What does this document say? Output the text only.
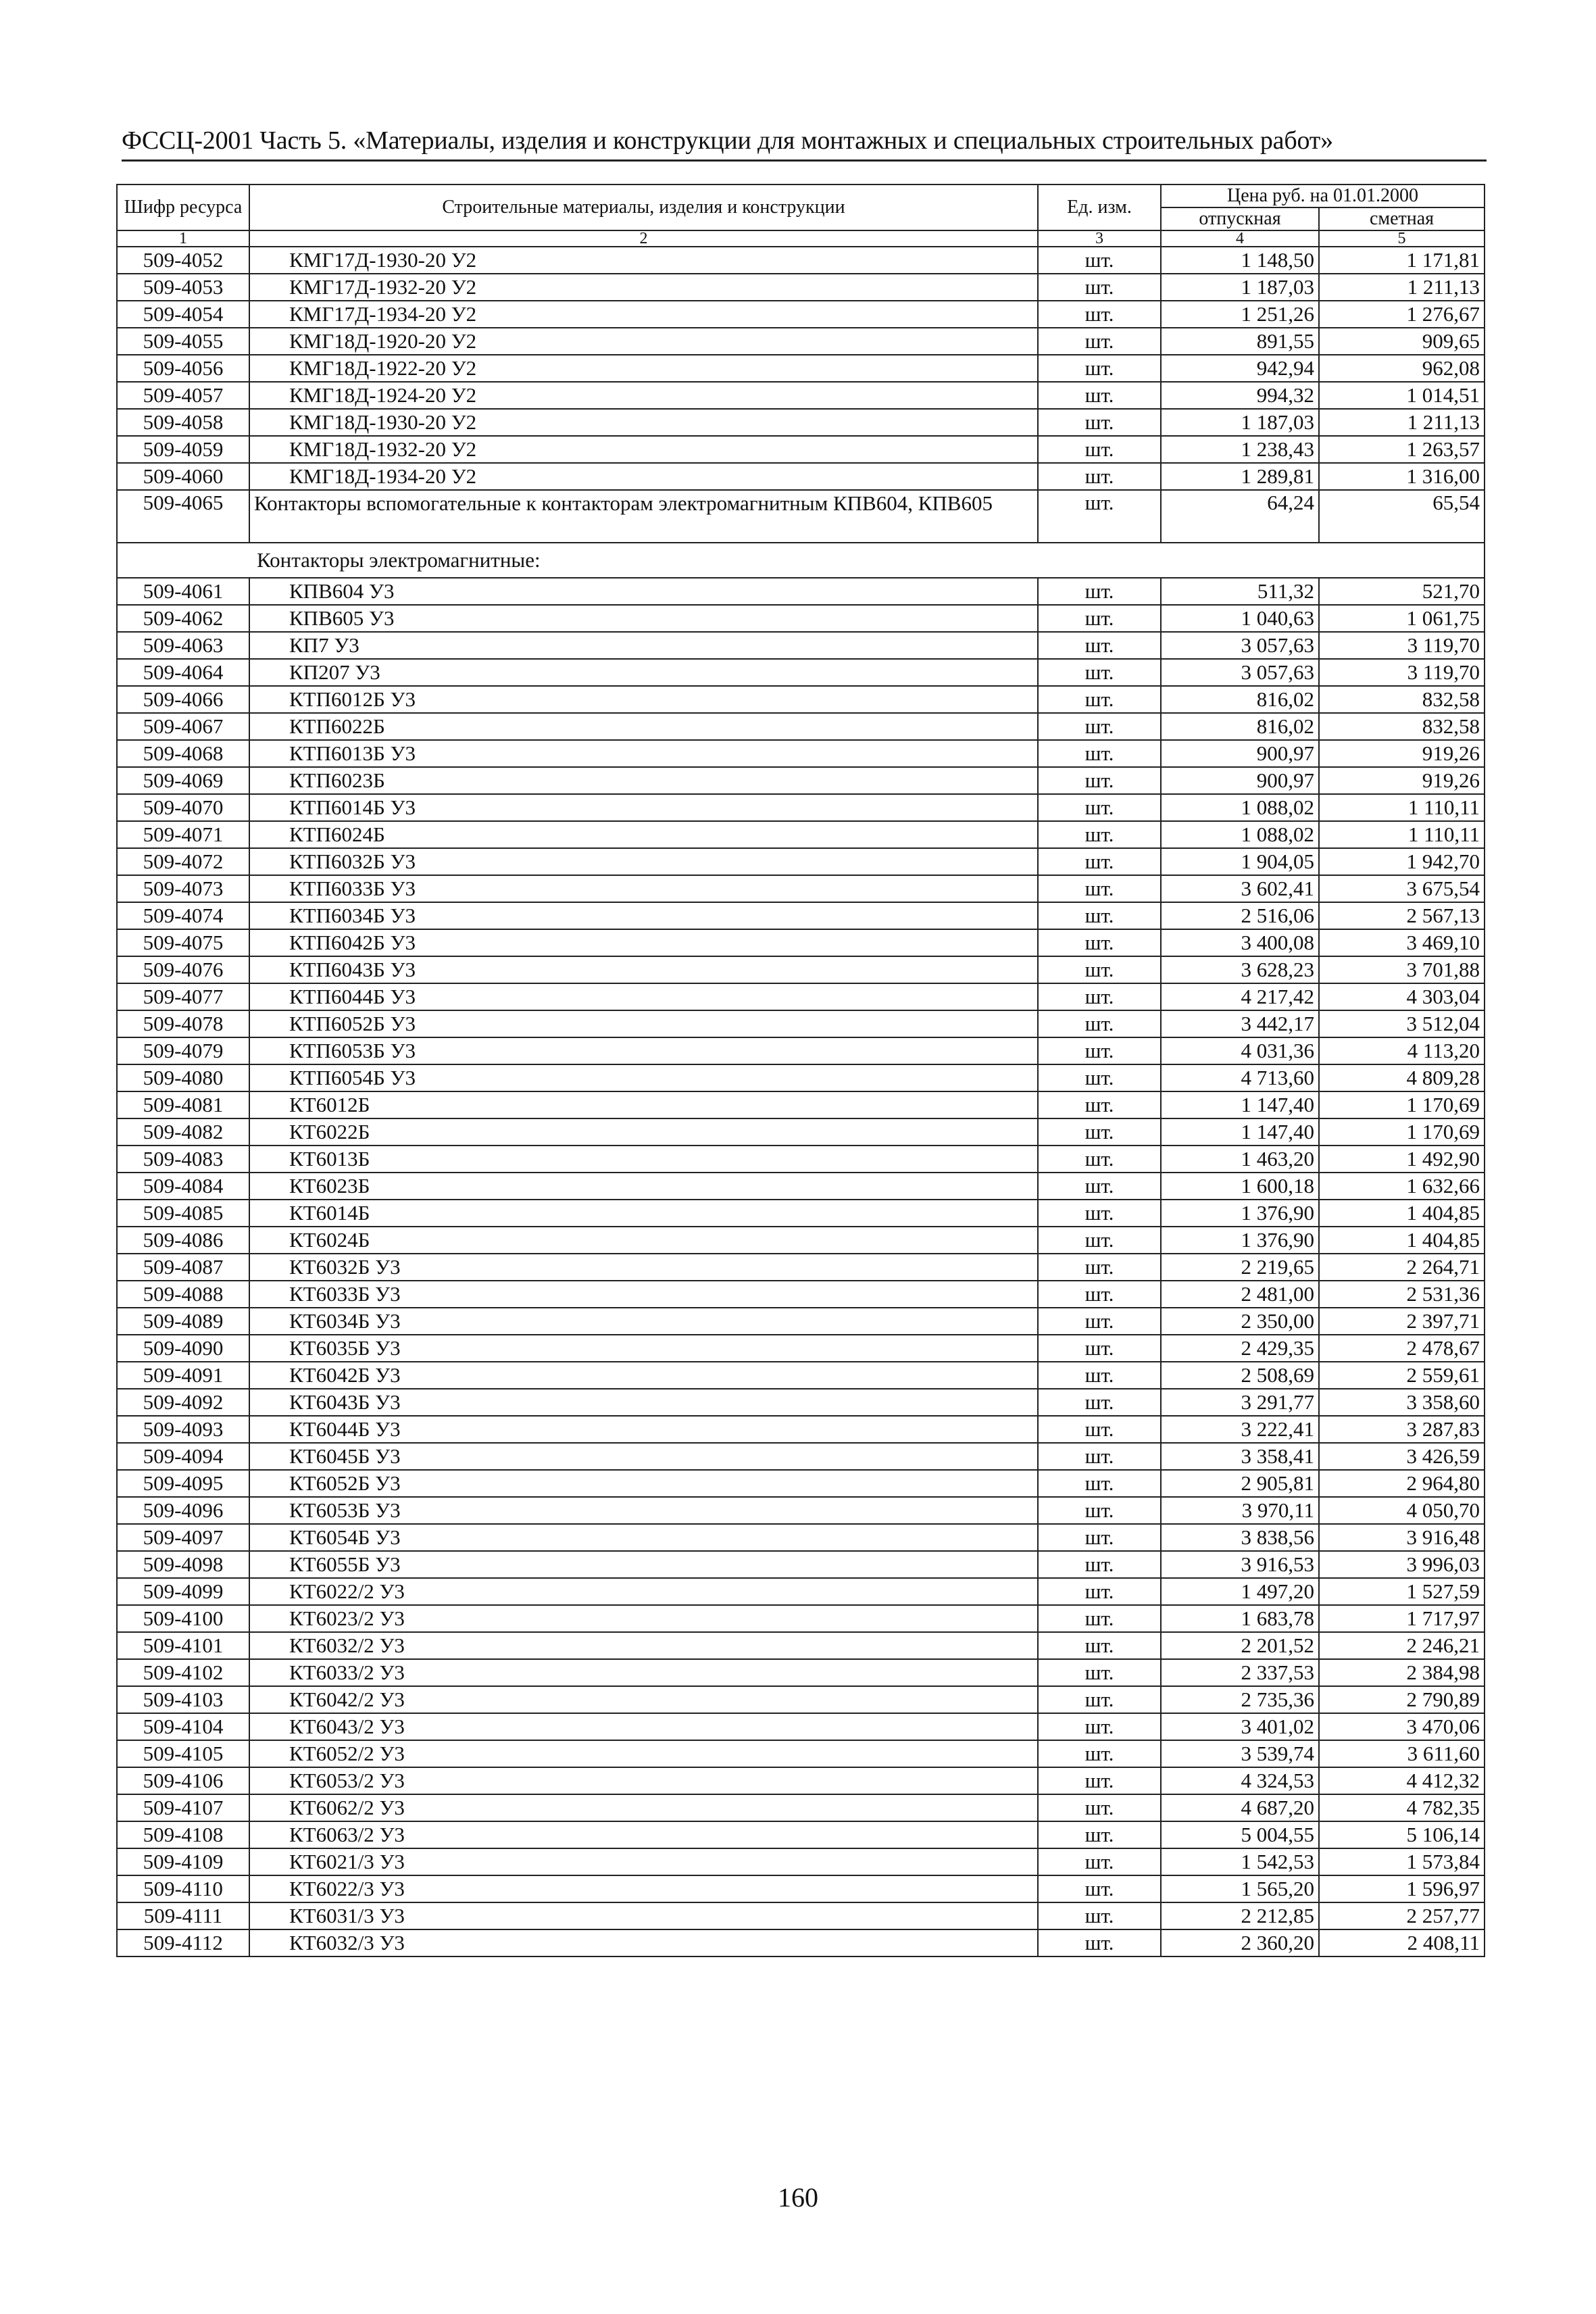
ФССЦ-2001 Часть 5. «Материалы, изделия и конструкции для монтажных и специальных строительных работ»
Шифр ресурса	Строительные материалы, изделия и конструкции	Ед. изм.	Цена руб. на 01.01.2000	
			отпускная	сметная
1	2	3	4	5
509-4052	КМГ17Д-1930-20 У2	шт.	1 148,50	1 171,81
509-4053	КМГ17Д-1932-20 У2	шт.	1 187,03	1 211,13
509-4054	КМГ17Д-1934-20 У2	шт.	1 251,26	1 276,67
509-4055	КМГ18Д-1920-20 У2	шт.	891,55	909,65
509-4056	КМГ18Д-1922-20 У2	шт.	942,94	962,08
509-4057	КМГ18Д-1924-20 У2	шт.	994,32	1 014,51
509-4058	КМГ18Д-1930-20 У2	шт.	1 187,03	1 211,13
509-4059	КМГ18Д-1932-20 У2	шт.	1 238,43	1 263,57
509-4060	КМГ18Д-1934-20 У2	шт.	1 289,81	1 316,00
509-4065	Контакторы вспомогательные к контакторам электромагнитным КПВ604, КПВ605	шт.	64,24	65,54
Контакторы электромагнитные:				
509-4061	КПВ604 У3	шт.	511,32	521,70
509-4062	КПВ605 У3	шт.	1 040,63	1 061,75
509-4063	КП7 У3	шт.	3 057,63	3 119,70
509-4064	КП207 У3	шт.	3 057,63	3 119,70
509-4066	КТП6012Б У3	шт.	816,02	832,58
509-4067	КТП6022Б	шт.	816,02	832,58
509-4068	КТП6013Б У3	шт.	900,97	919,26
509-4069	КТП6023Б	шт.	900,97	919,26
509-4070	КТП6014Б У3	шт.	1 088,02	1 110,11
509-4071	КТП6024Б	шт.	1 088,02	1 110,11
509-4072	КТП6032Б У3	шт.	1 904,05	1 942,70
509-4073	КТП6033Б У3	шт.	3 602,41	3 675,54
509-4074	КТП6034Б У3	шт.	2 516,06	2 567,13
509-4075	КТП6042Б У3	шт.	3 400,08	3 469,10
509-4076	КТП6043Б У3	шт.	3 628,23	3 701,88
509-4077	КТП6044Б У3	шт.	4 217,42	4 303,04
509-4078	КТП6052Б У3	шт.	3 442,17	3 512,04
509-4079	КТП6053Б У3	шт.	4 031,36	4 113,20
509-4080	КТП6054Б У3	шт.	4 713,60	4 809,28
509-4081	КТ6012Б	шт.	1 147,40	1 170,69
509-4082	КТ6022Б	шт.	1 147,40	1 170,69
509-4083	КТ6013Б	шт.	1 463,20	1 492,90
509-4084	КТ6023Б	шт.	1 600,18	1 632,66
509-4085	КТ6014Б	шт.	1 376,90	1 404,85
509-4086	КТ6024Б	шт.	1 376,90	1 404,85
509-4087	КТ6032Б У3	шт.	2 219,65	2 264,71
509-4088	КТ6033Б У3	шт.	2 481,00	2 531,36
509-4089	КТ6034Б У3	шт.	2 350,00	2 397,71
509-4090	КТ6035Б У3	шт.	2 429,35	2 478,67
509-4091	КТ6042Б У3	шт.	2 508,69	2 559,61
509-4092	КТ6043Б У3	шт.	3 291,77	3 358,60
509-4093	КТ6044Б У3	шт.	3 222,41	3 287,83
509-4094	КТ6045Б У3	шт.	3 358,41	3 426,59
509-4095	КТ6052Б У3	шт.	2 905,81	2 964,80
509-4096	КТ6053Б У3	шт.	3 970,11	4 050,70
509-4097	КТ6054Б У3	шт.	3 838,56	3 916,48
509-4098	КТ6055Б У3	шт.	3 916,53	3 996,03
509-4099	КТ6022/2 У3	шт.	1 497,20	1 527,59
509-4100	КТ6023/2 У3	шт.	1 683,78	1 717,97
509-4101	КТ6032/2 У3	шт.	2 201,52	2 246,21
509-4102	КТ6033/2 У3	шт.	2 337,53	2 384,98
509-4103	КТ6042/2 У3	шт.	2 735,36	2 790,89
509-4104	КТ6043/2 У3	шт.	3 401,02	3 470,06
509-4105	КТ6052/2 У3	шт.	3 539,74	3 611,60
509-4106	КТ6053/2 У3	шт.	4 324,53	4 412,32
509-4107	КТ6062/2 У3	шт.	4 687,20	4 782,35
509-4108	КТ6063/2 У3	шт.	5 004,55	5 106,14
509-4109	КТ6021/3 У3	шт.	1 542,53	1 573,84
509-4110	КТ6022/3 У3	шт.	1 565,20	1 596,97
509-4111	КТ6031/3 У3	шт.	2 212,85	2 257,77
509-4112	КТ6032/3 У3	шт.	2 360,20	2 408,11
160
